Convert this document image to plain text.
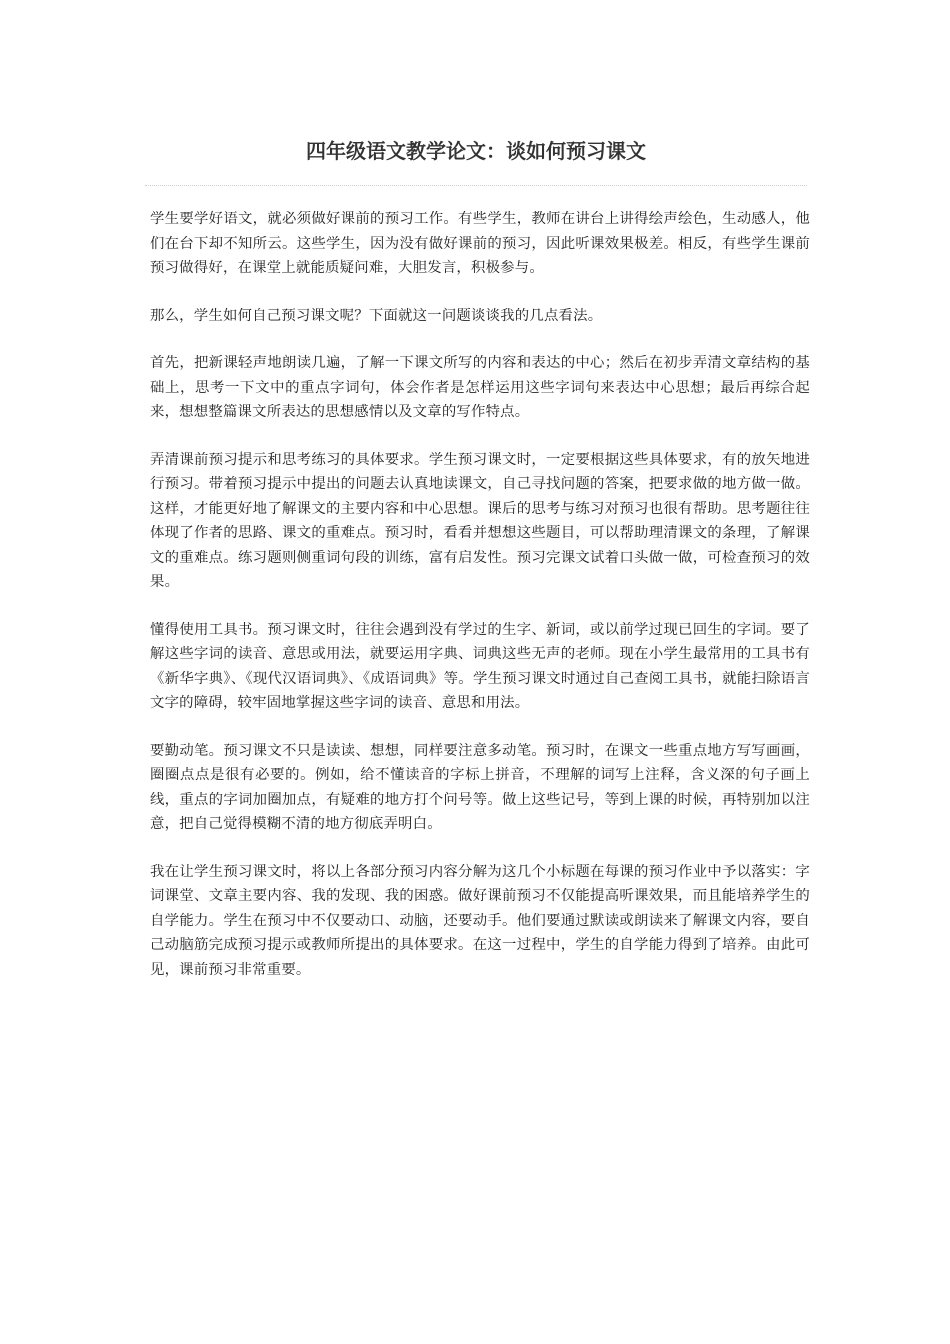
四年级语文教学论文：谈如何预习课文

学生要学好语文，就必须做好课前的预习工作。有些学生，教师在讲台上讲得绘声绘色，生动感人，他们在台下却不知所云。这些学生，因为没有做好课前的预习，因此听课效果极差。相反，有些学生课前预习做得好，在课堂上就能质疑问难，大胆发言，积极参与。

那么，学生如何自己预习课文呢？下面就这一问题谈谈我的几点看法。

首先，把新课轻声地朗读几遍，了解一下课文所写的内容和表达的中心；然后在初步弄清文章结构的基础上，思考一下文中的重点字词句，体会作者是怎样运用这些字词句来表达中心思想；最后再综合起来，想想整篇课文所表达的思想感情以及文章的写作特点。

弄清课前预习提示和思考练习的具体要求。学生预习课文时，一定要根据这些具体要求，有的放矢地进行预习。带着预习提示中提出的问题去认真地读课文，自己寻找问题的答案，把要求做的地方做一做。这样，才能更好地了解课文的主要内容和中心思想。课后的思考与练习对预习也很有帮助。思考题往往体现了作者的思路、课文的重难点。预习时，看看并想想这些题目，可以帮助理清课文的条理，了解课文的重难点。练习题则侧重词句段的训练，富有启发性。预习完课文试着口头做一做，可检查预习的效果。

懂得使用工具书。预习课文时，往往会遇到没有学过的生字、新词，或以前学过现已回生的字词。要了解这些字词的读音、意思或用法，就要运用字典、词典这些无声的老师。现在小学生最常用的工具书有《新华字典》、《现代汉语词典》、《成语词典》等。学生预习课文时通过自己查阅工具书，就能扫除语言文字的障碍，较牢固地掌握这些字词的读音、意思和用法。

要勤动笔。预习课文不只是读读、想想，同样要注意多动笔。预习时，在课文一些重点地方写写画画，圈圈点点是很有必要的。例如，给不懂读音的字标上拼音，不理解的词写上注释，含义深的句子画上线，重点的字词加圈加点，有疑难的地方打个问号等。做上这些记号，等到上课的时候，再特别加以注意，把自己觉得模糊不清的地方彻底弄明白。

我在让学生预习课文时，将以上各部分预习内容分解为这几个小标题在每课的预习作业中予以落实：字词课堂、文章主要内容、我的发现、我的困惑。做好课前预习不仅能提高听课效果，而且能培养学生的自学能力。学生在预习中不仅要动口、动脑，还要动手。他们要通过默读或朗读来了解课文内容，要自己动脑筋完成预习提示或教师所提出的具体要求。在这一过程中，学生的自学能力得到了培养。由此可见，课前预习非常重要。
